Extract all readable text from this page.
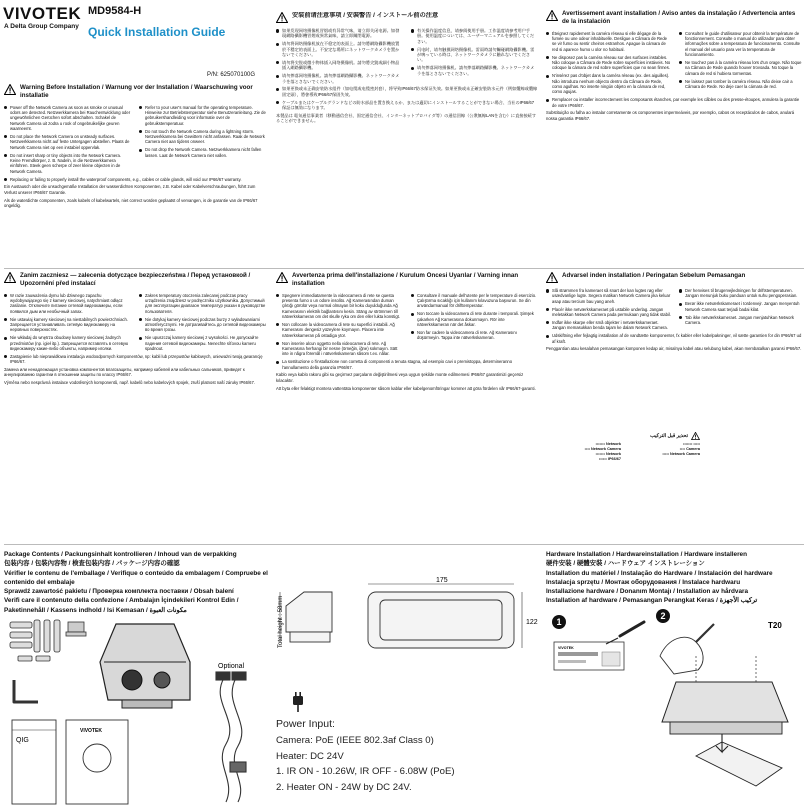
VIVOTEK
A Delta Group Company
MD9584-H
Quick Installation Guide
P/N: 625070100G
Warning Before Installation / Warnung vor der Installation / Waarschuwing voor installatie
Power off the Network Camera as soon as smoke or unusual odors are detected. Netzwerkkamera bei Rauchentwicklung oder ungewöhnlichen Gerüchen sofort abschalten. Schakel de Network Camera uit zodra u rook of ongebruikelijke geuren waarneemt.
Do not place the Network Camera on unsteady surfaces. Netzwerkkamera nicht auf feste Untergagen abstellen. Plaats de Network Camera niet op een instabiel oppervlak.
Do not insert sharp or tiny objects into the Network Camera. Keine Fremdkörper, z. B. Nadeln, in die Netzwerkkamera einführen. Steek geen scherpe of zeer kleine objecten in de Network Camera.
Refer to your user's manual for the operating temperature. Hinweise zur Betriebstemperatur siehe Benutzeranleitung. Zie de gebruikershandleiding voor informatie over de gebruikstemperatuur.
Do not touch the Network Camera during a lightning storm. Netzwerkkamera bei Gewittern nicht anfassen. Raak de Network Camera niet aan tijdens onweer.
Do not drop the Network Camera. Netzwerkkamera nicht fallen lassen. Laat de Network Camera niet vallen.
Replacing or failing to properly install the waterproof components, e.g., cables or cable glands, will void our IP66/67 warranty.
Ein Austausch oder die unsachgemäße Installation der wasserdichten Komponenten, z.B. Kabel oder Kabelverschraubungen, führt zum Verlust unserer IP66/67 Garantie.
Als de waterdichte componenten, zoals kabels of kabelwartels, niet correct worden geplaatst of vervangen, is de garantie van de IP66/67 ongeldig.
安装前请注意事项 / 安裝警告 / インストール前の注意
如果发现网络摄像机冒烟或有异常气味，请立即关闭电源。如發現網路攝影機冒煙或異常氣味，請立即關閉電源。
请勿将网络摄像机放在不稳定的表面上。請勿將網路攝影機放置於不穩定的表面上。不安定な場所にネットワークカメラを置かないでください。
请勿将尖锐或微小物体插入网络摄像机。請勿將尖銳或細小物品插入網路攝影機。
请勿摔落网络摄像机。請勿摔落網路攝影機。ネットワークカメラを落とさないでください。
有关操作温度信息，请参阅使用手册。工作温度请参考用户手册。使用温度については、ユーザーマニュアルを参照してください。
闪电时，请勿触摸网络摄像机。雷雨時請勿觸碰網路攝影機。雷が鳴っている時は、ネットワークカメラに触れないでください。
请勿摔落网络摄像机。請勿摔落網路攝影機。ネットワークカメラを落とさないでください。
如果更换或未正确安装防水组件（如电缆或电缆密封套），将导致IP66/67防水保证失效。如果更換或未正確安裝防水元件（例如纜線或纜線固定頭），將會導致IP66/67保固失效。
ケーブルまたはケーブルグランドなどの防水部品を置き換えるか、または適切にインストールすることができない場合、当社のIP66/67保証は無効になります。
本製品は 電気通信事業者（移動通信会社、固定通信会社、インターネットプロバイダ等）の通信回線（公衆無線LANを含む）に直接接続することができません。
Avertissement avant installation / Aviso antes da instalação / Advertencia antes de la instalación
Éteignez rapidement la caméra réseau si elle dégage de la fumée ou une odeur inhabituelle. Desligue a Câmara de Rede se vir fumo ou sentir cheiros estranhos. Apague la cámara de red si aparece humo u olor no habitual.
Ne disposez pas la caméra réseau sur des surfaces instables. Não coloque a Câmara de Rede sobre superfícies instáveis. No coloque la cámara de red sobre superficies que no sean firmes.
N'insérez pas d'objet dans la caméra réseau (ex. des aiguilles). Não introduza nenhum objecto dentro da Câmara de Rede, como agulhas. No inserte ningún objeto en la cámara de red, como agujas.
Consultez le guide d'utilisateur pour obtenir la température de fonctionnement. Consulte o manual do utilizador para obter informações sobre a temperatura de funcionamento. Consulte el manual del usuario para ver la temperatura de funcionamiento.
Ne touchez pas à la caméra réseau lors d'un orage. Não toque na Câmara de Rede quando houver trovoada. No toque la cámara de red si hubiera tormentas.
Ne laissez pas tomber la caméra réseau. Não deixe cair a Câmara de Rede. No deje caer la cámara de red.
Remplacer ou installer incorrectement les composants étanches, par exemple les câbles ou des presse-étoupes, annulera la garantie de votre IP66/67.
Substituição ou falha ao instalar corretamente os componentes impermeáveis, por exemplo, cabos os receptáculos de cabos, anulará nossa garantia IP66/67.
Zanim zaczniesz — zalecenia dotyczące bezpieczeństwa / Перед установкой / Upozornění před instalací
W razie zauważenia dymu lub dziwnego zapachu wydobywającego się z kamery sieciowej, natychmiast odłącz zasilanie. Отключите питание сетевой видеокамеры, если появился дым или необычный запах.
Nie ustawiaj kamery sieciowej na niestabilnych powierzchniach. Запрещается устанавливать сетевую видеокамеру на неровных поверхностях.
Nie wkładaj do wnętrza obudowy kamery sieciowej żadnych przedmiotów (np. igieł itp.). Запрещается вставлять в сетевую видеокамеру какие-либо объекты, например иголки.
Zakres temperatury otoczenia zalecanej podczas pracy urządzenia znajdziesz w podręczniku użytkownika. Допустимый для эксплуатации диапазон температур указан в руководстве пользователя.
Nie dotykaj kamery sieciowej podczas burzy z wyładowaniami atmosferycznymi. Не дотрагивайтесь до сетевой видеокамеры во время грозы.
Nie upuszczaj kamery sieciowej z wysokości. Не допускайте падения сетевой видеокамеры. Nenechte síťovou kameru spadnout.
Zastąpienie lub nieprawidłowa instalacja wodoodpornych komponentów, np: kabli lub przepustów kablowych, unieważni twoją gwarancję IP66/67.
Замена или ненадлежащая установка компонентов влагозащиты, например кабелей или кабельных сальников, приведет к аннулированию гарантии в отношении защиты по классу IP66/67.
Výměna nebo nesprávná instalace vodotěsných komponentů, např. kabelů nebo kabelových spojek, zruší platnost naší záruky IP66/67.
Avvertenza prima dell'installazione / Kurulum Öncesi Uyarılar / Varning innan installation
Spegnere immediatamente la videocamera di rete se questa presenta fumo o un odore insolito. Ağ Kamerasından duman çıktığı görülür veya normal olmayan bir koku duyulduğunda Ağ Kamerasının elektrik bağlantısını kesin. Stäng av strömmen till nätverkskameran om det skulle ryka om den eller lukta konstigt.
Non collocare la videocamera di rete su superfici instabili. Ağ Kamerasını dengesiz yüzeylere koymayın. Placera inte nätverkskameran på ostadiga ytor.
Non inserire alcun oggetto nella videocamera di rete. Ağ Kamerasına herhangi bir nesne (örneğin, iğne) sokmayın. Sätt inte in några föremål i nätverkskameran såsom t.ex. nålar.
Consultare il manuale dell'utente per le temperature di esercizio. Çalıştırma sıcaklığı için kullanım kılavuzuna başvurun. Se din användarmanual för drifttemperatur.
Non toccare la videocamera di rete durante i temporali. Şimşek çakarken Ağ Kamerasına dokunmayın. Rör inte nätverkskameran när det åskar.
Non far cadere la videocamera di rete. Ağ Kamerasını düşürmeyin. Tappa inte nätverkskameran.
La sostituzione o l'installazione non corretta di componenti a tenuta stagna, ad esempio cavi o premistoppa, determineranno l'annullamento della garanzia IP66/67.
Kablo veya kablo rakoru gibi su geçirmez parçaların değiştirilmesi veya uygun şekilde monte edilmemesi IP66/67 garantimizi geçersiz kılacaktır.
Att byta eller felaktigt montera vattentäta komponenter såsom kablar eller kabelgenomföringar kommer att göra fördelen vår IP66/67-garanti.
Advarsel inden installation / Peringatan Sebelum Pemasangan
Slå strømmen fra kameraet så snart der kan lugtes røg eller usædvanlige lugte. Segera matikan Network Camera jika keluar asap atau tercium bau yang aneh.
Placér ikke netværkskameraet på ustabile underlag. Jangan meletakkan Network Camera pada permukaan yang tidak stabil.
Indfør ikke skarpe eller små objekter i netværkskameraet. Jangan memasukkan benda tajam ke dalam Network Camera.
Der henvises til brugervejledningen for driftstemperaturen. Jangan menunjuk buku panduan untuk suhu pengoperasian.
Berør ikke netværkskameraet i tordenvejr. Jangan menyentuh Network Camera saat terjadi badai kilat.
Tab ikke netværkskameraet. Jangan menjatuhkan Network Camera.
Udskiftning eller fejlagtig installation af de vandtætte komponenter, fx kabler eller kabelpakninger, vil sætte garantien for din IP66/67 ud af kraft.
Penggantian atau kesalahan pemasangan komponen kedap air, misalnya kabel atau selubung kabel, akan membatalkan garansi IP66/67.
تحذير قبل التركيب
••••••• Network	••••••• •••••
•••• Network Camera	•••• Camera
••••••• Network	••••• Network Camera
•••••• IP66/67
Package Contents / Packungsinhalt kontrollieren / Inhoud van de verpakking
包装内容 / 包裝內容物 / 検査包装内容 / パッケージ内容の確認
Vérifier le contenu de l'emballage / Verifique o conteúdo da embalagem / Compruebe el contenido del embalaje
Sprawdź zawartość pakietu / Проверка комплекта поставки / Obsah balení
Verifi care il contenuto della confezione / Ambalajın İçindekileri Kontrol Edin / Paketinnehåll / Kassens indhold / Isi Kemasan / مكونات العبوة
Optional
QIG
VIVOTEK
175
122
Total height : 58mm
Power Input:
Camera: PoE (IEEE 802.3af Class 0)
Heater: DC 24V
1. IR ON - 10.26W, IR OFF - 6.08W (PoE)
2. Heater ON - 24W by DC 24V.
Hardware Installation / Hardwareinstallation / Hardware installeren
硬件安装 / 硬體安裝 / ハードウェア インストレーション
Installation du matériel / Instalação do Hardware / Instalación del hardware
Instalacja sprzętu / Монтаж оборудования / Instalace hardwaru
Installazione hardware / Donanım Montajı / Installation av hårdvara
Installation af hardware / Pemasangan Perangkat Keras / تركيب الأجهزة
1
2
VIVOTEK
T20
